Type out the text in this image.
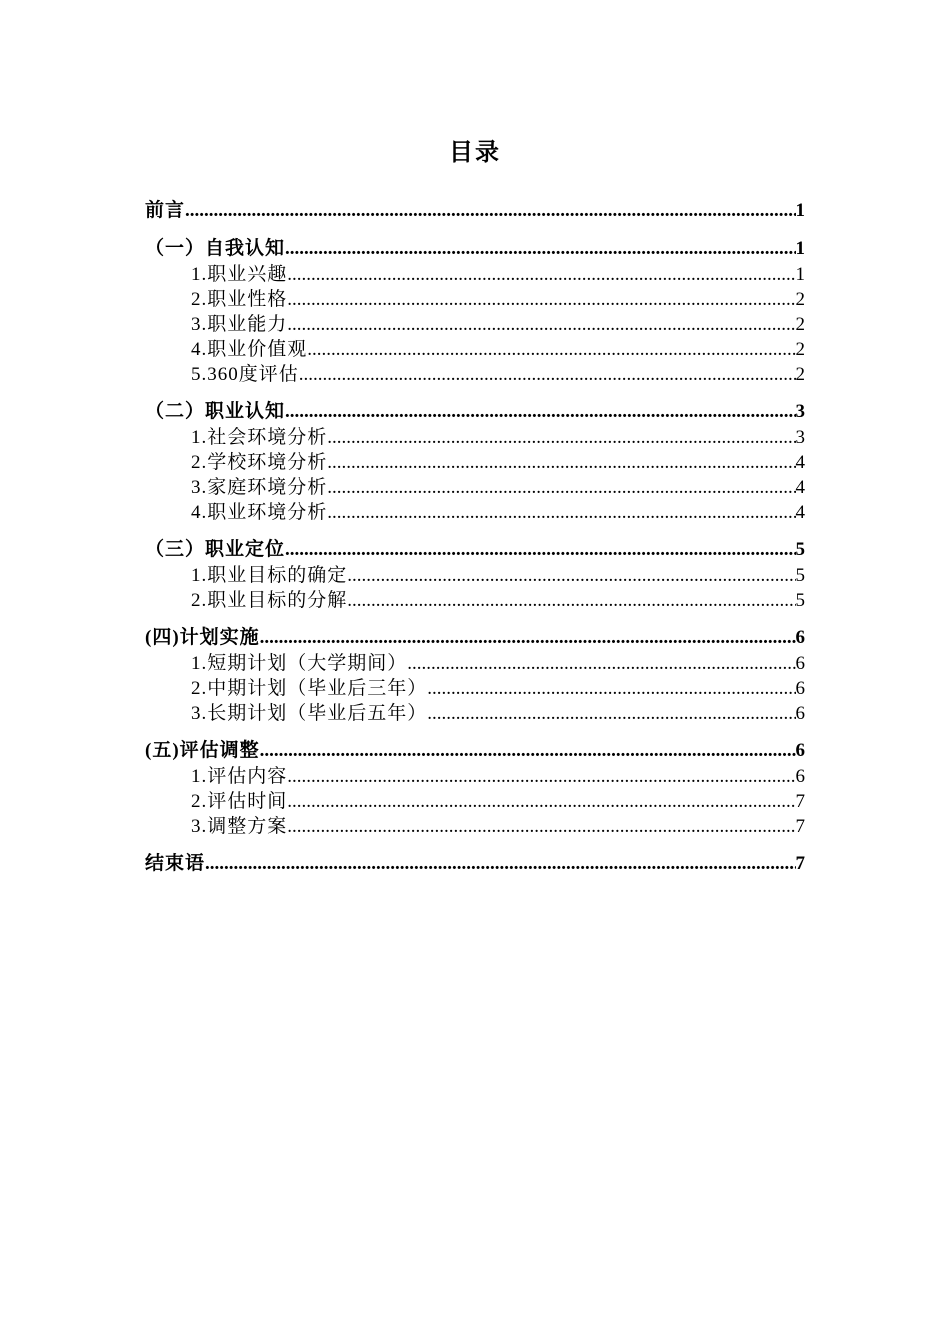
目录
前言 .....	1
（一）自我认知 .....	1
1.职业兴趣 .....	1
2.职业性格 .....	2
3.职业能力 .....	2
4.职业价值观 .....	2
5.360度评估 .....	2
（二）职业认知 .....	3
1.社会环境分析 .....	3
2.学校环境分析 .....	4
3.家庭环境分析 .....	4
4.职业环境分析 .....	4
（三）职业定位 .....	5
1.职业目标的确定 .....	5
2.职业目标的分解 .....	5
(四)计划实施 .....	6
1.短期计划（大学期间） .....	6
2.中期计划（毕业后三年） .....	6
3.长期计划（毕业后五年） .....	6
(五)评估调整 .....	6
1.评估内容 .....	6
2.评估时间 .....	7
3.调整方案 .....	7
结束语 .....	7
